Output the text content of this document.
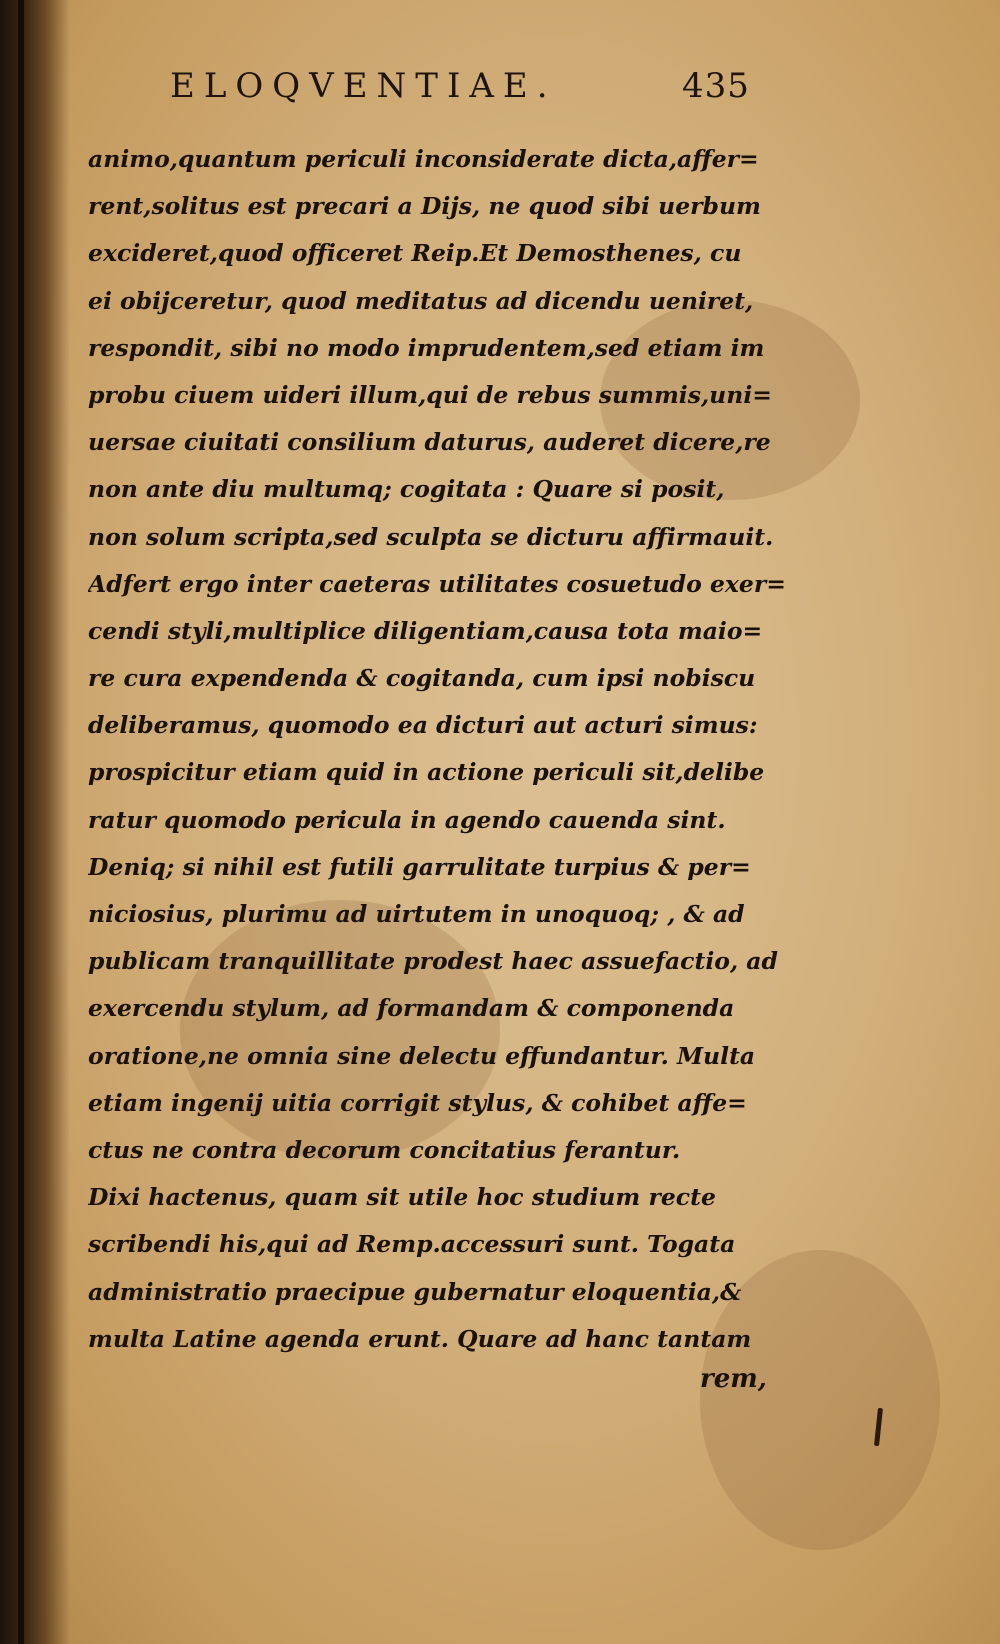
ELOQVENTIAE.	435
animo,quantum periculi inconsiderate dicta,affer=
rent,solitus est precari a Dijs, ne quod sibi uerbum
excideret,quod officeret Reip.Et Demosthenes, cu
ei obijceretur, quod meditatus ad dicendu ueniret,
respondit, sibi no modo imprudentem,sed etiam im
probu ciuem uideri illum,qui de rebus summis,uni=
uersae ciuitati consilium daturus, auderet dicere,re
non ante diu multumq; cogitata : Quare si posit,
non solum scripta,sed sculpta se dicturu affirmauit.
Adfert ergo inter caeteras utilitates cosuetudo exer=
cendi styli,multiplice diligentiam,causa tota maio=
re cura expendenda & cogitanda, cum ipsi nobiscu
deliberamus, quomodo ea dicturi aut acturi simus:
prospicitur etiam quid in actione periculi sit,delibe
ratur quomodo pericula in agendo cauenda sint.
Deniq; si nihil est futili garrulitate turpius & per=
niciosius, plurimu ad uirtutem in unoquoq; , & ad
publicam tranquillitate prodest haec assuefactio, ad
exercendu stylum, ad formandam & componenda
oratione,ne omnia sine delectu effundantur. Multa
etiam ingenij uitia corrigit stylus, & cohibet affe=
ctus ne contra decorum concitatius ferantur.
Dixi hactenus, quam sit utile hoc studium recte
scribendi his,qui ad Remp.accessuri sunt. Togata
administratio praecipue gubernatur eloquentia,&
multa Latine agenda erunt. Quare ad hanc tantam
rem,
